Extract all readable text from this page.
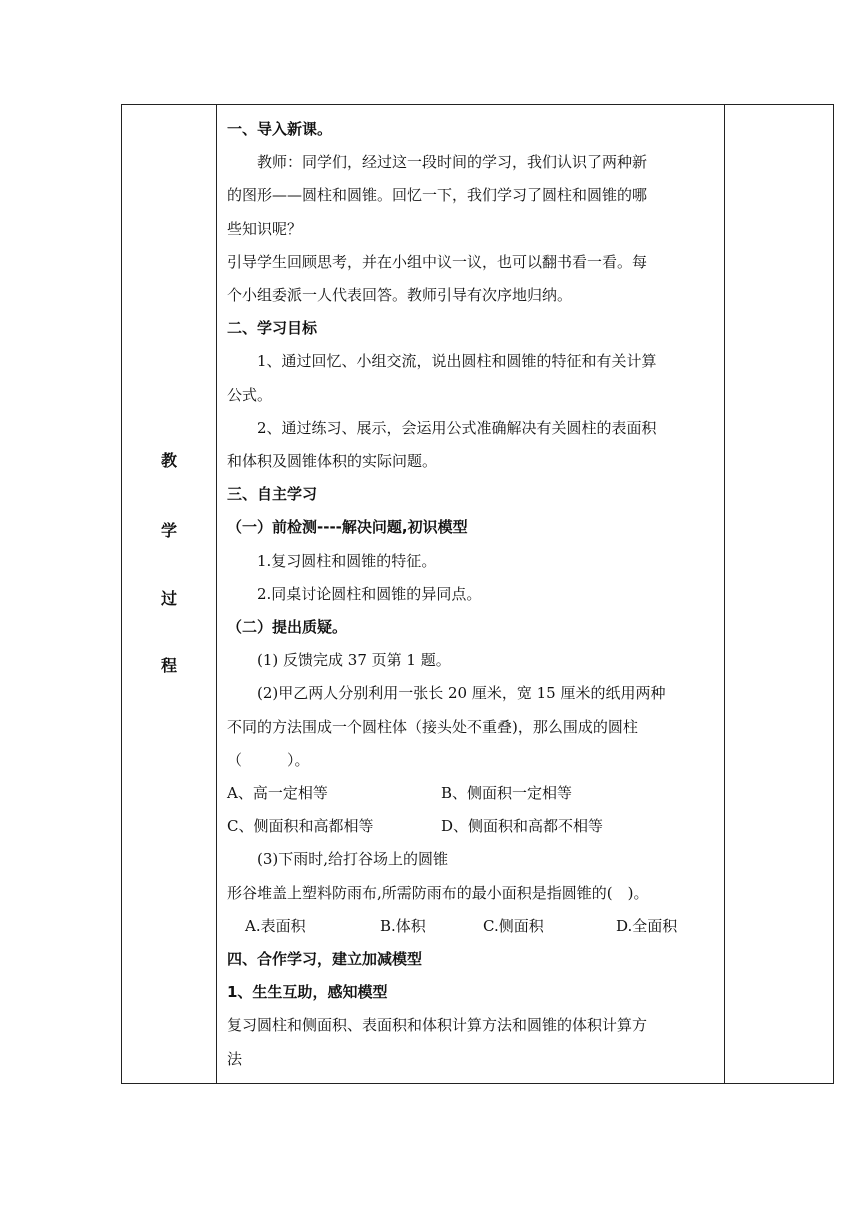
教
学
过
程

一、导入新课。

教师：同学们，经过这一段时间的学习，我们认识了两种新

的图形——圆柱和圆锥。回忆一下，我们学习了圆柱和圆锥的哪

些知识呢？

引导学生回顾思考，并在小组中议一议，也可以翻书看一看。每

个小组委派一人代表回答。教师引导有次序地归纳。

二、学习目标

1、通过回忆、小组交流，说出圆柱和圆锥的特征和有关计算

公式。

2、通过练习、展示，会运用公式准确解决有关圆柱的表面积

和体积及圆锥体积的实际问题。

三、自主学习

（一）前检测----解决问题,初识模型

1.复习圆柱和圆锥的特征。

2.同桌讨论圆柱和圆锥的异同点。

（二）提出质疑。

(1) 反馈完成 37 页第 1 题。

(2)甲乙两人分别利用一张长 20 厘米，宽 15 厘米的纸用两种

不同的方法围成一个圆柱体（接头处不重叠)，那么围成的圆柱

（　　　）。

A、高一定相等	B、侧面积一定相等

C、侧面积和高都相等	D、侧面积和高都不相等

(3)下雨时,给打谷场上的圆锥

形谷堆盖上塑料防雨布,所需防雨布的最小面积是指圆锥的(　)。

A.表面积	B.体积	C.侧面积	D.全面积

四、合作学习，建立加减模型

1、生生互助，感知模型

复习圆柱和侧面积、表面积和体积计算方法和圆锥的体积计算方

法
